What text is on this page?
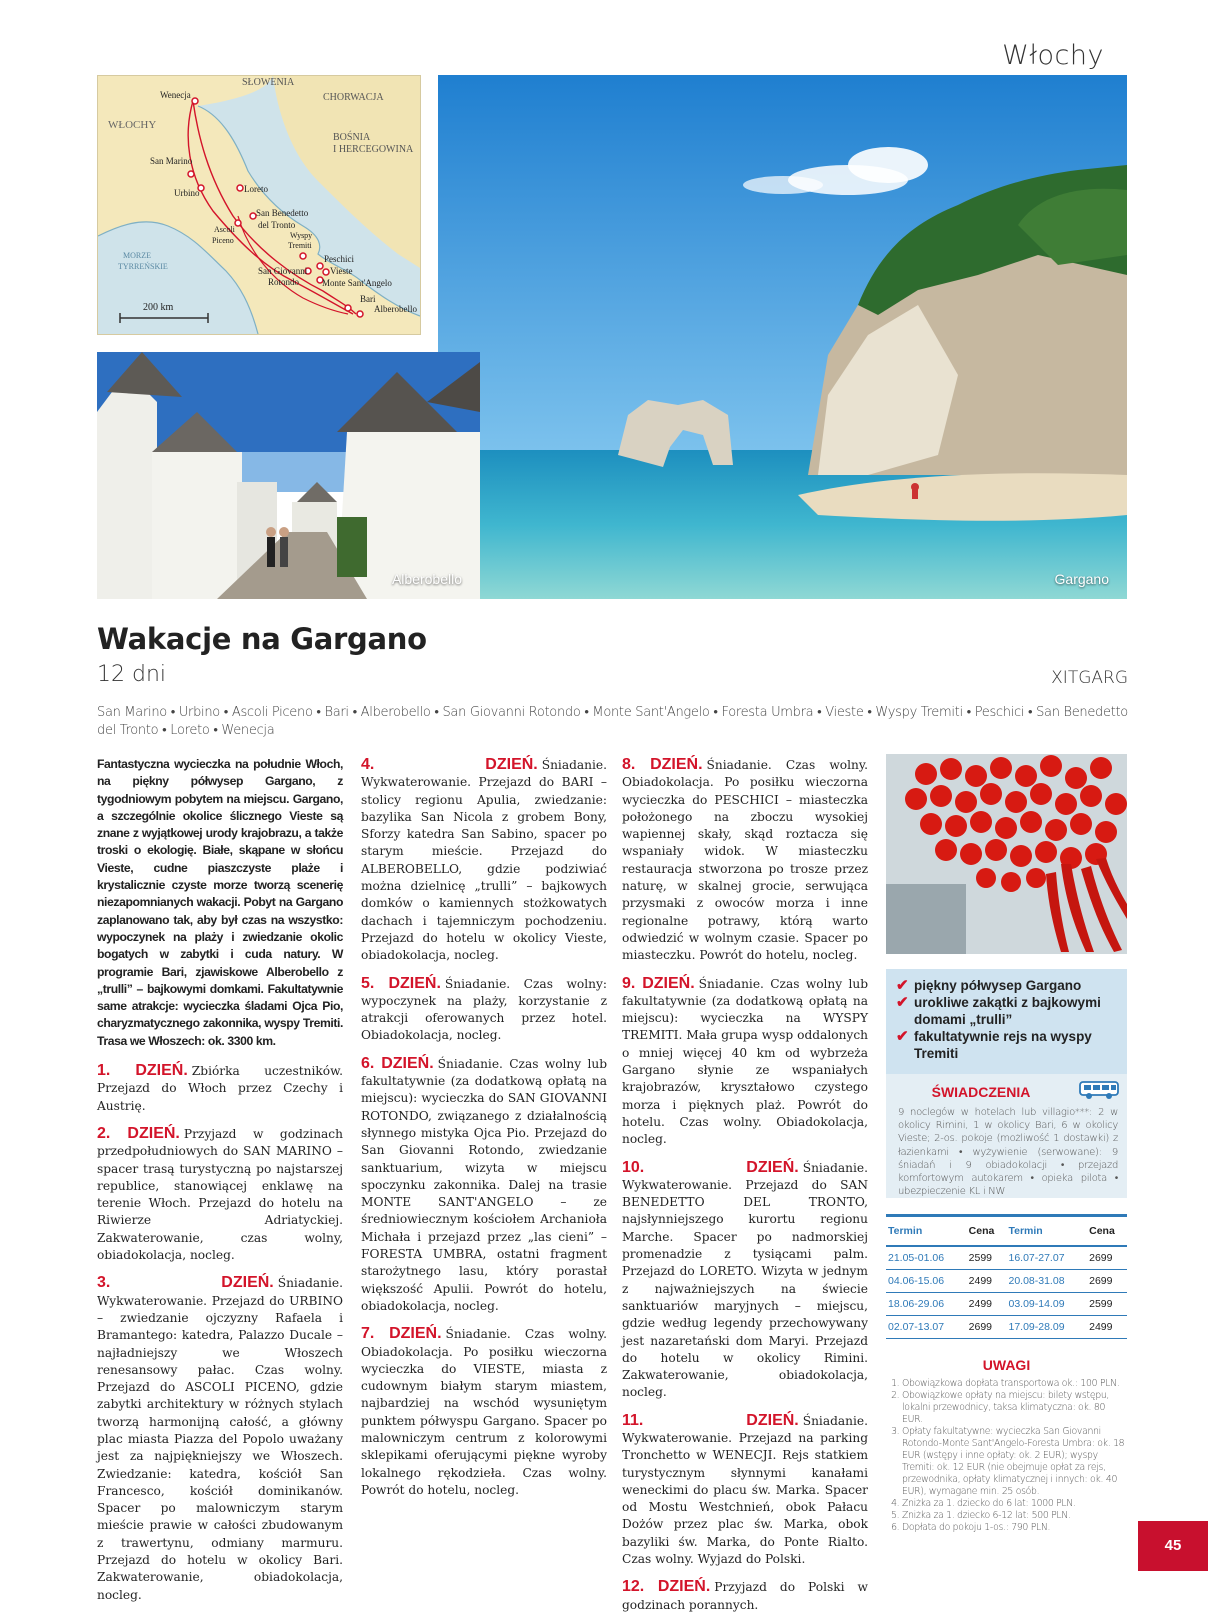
Włochy
SŁOWENIA
CHORWACJA
BOŚNIA
I HERCEGOWINA
WŁOCHY
MORZE
TYRREŃSKIE
200 km
Wenecja
San Marino
Urbino	Loreto
San Benedetto
del Tronto
Ascoli
Piceno
Wyspy
Tremiti
Peschici
Vieste
San Giovanni
Rotondo	Monte Sant'Angelo
Bari
Alberobello
Gargano
Alberobello
Wakacje na Gargano
12 dni	XITGARG
San Marino • Urbino • Ascoli Piceno • Bari • Alberobello • San Giovanni Rotondo • Monte Sant'Angelo • Foresta Umbra • Vieste • Wyspy Tremiti • Peschici • San Benedetto del Tronto • Loreto • Wenecja

Fantastyczna wycieczka na południe Włoch, na piękny półwysep Gargano, z tygodniowym pobytem na miejscu. Gargano, a szczególnie okolice ślicznego Vieste są znane z wyjątkowej urody krajobrazu, a także troski o ekologię. Białe, skąpane w słońcu Vieste, cudne piaszczyste plaże i krystalicznie czyste morze tworzą scenerię niezapomnianych wakacji. Pobyt na Gargano zaplanowano tak, aby był czas na wszystko: wypoczynek na plaży i zwiedzanie okolic bogatych w zabytki i cuda natury. W programie Bari, zjawiskowe Alberobello z „trulli” – bajkowymi domkami. Fakultatywnie same atrakcje: wycieczka śladami Ojca Pio, charyzmatycznego zakonnika, wyspy Tremiti. Trasa we Włoszech: ok. 3300 km.

1. DZIEŃ. Zbiórka uczestników. Przejazd do Włoch przez Czechy i Austrię.

2. DZIEŃ. Przyjazd w godzinach przedpołudniowych do SAN MARINO – spacer trasą turystyczną po najstarszej republice, stanowiącej enklawę na terenie Włoch. Przejazd do hotelu na Riwierze Adriatyckiej. Zakwaterowanie, czas wolny, obiadokolacja, nocleg.

3. DZIEŃ. Śniadanie. Wykwaterowanie. Przejazd do URBINO – zwiedzanie ojczyzny Rafaela i Bramantego: katedra, Palazzo Ducale – najładniejszy we Włoszech renesansowy pałac. Czas wolny. Przejazd do ASCOLI PICENO, gdzie zabytki architektury w różnych stylach tworzą harmonijną całość, a główny plac miasta Piazza del Popolo uważany jest za najpiękniejszy we Włoszech. Zwiedzanie: katedra, kościół San Francesco, kościół dominikanów. Spacer po malowniczym starym mieście prawie w całości zbudowanym z trawertynu, odmiany marmuru. Przejazd do hotelu w okolicy Bari. Zakwaterowanie, obiadokolacja, nocleg.

4. DZIEŃ. Śniadanie. Wykwaterowanie. Przejazd do BARI – stolicy regionu Apulia, zwiedzanie: bazylika San Nicola z grobem Bony, Sforzy katedra San Sabino, spacer po starym mieście. Przejazd do ALBEROBELLO, gdzie podziwiać można dzielnicę „trulli” – bajkowych domków o kamiennych stożkowatych dachach i tajemniczym pochodzeniu. Przejazd do hotelu w okolicy Vieste, obiadokolacja, nocleg.

5. DZIEŃ. Śniadanie. Czas wolny: wypoczynek na plaży, korzystanie z atrakcji oferowanych przez hotel. Obiadokolacja, nocleg.

6. DZIEŃ. Śniadanie. Czas wolny lub fakultatywnie (za dodatkową opłatą na miejscu): wycieczka do SAN GIOVANNI ROTONDO, związanego z działalnością słynnego mistyka Ojca Pio. Przejazd do San Giovanni Rotondo, zwiedzanie sanktuarium, wizyta w miejscu spoczynku zakonnika. Dalej na trasie MONTE SANT'ANGELO – ze średniowiecznym kościołem Archanioła Michała i przejazd przez „las cieni” – FORESTA UMBRA, ostatni fragment starożytnego lasu, który porastał większość Apulii. Powrót do hotelu, obiadokolacja, nocleg.

7. DZIEŃ. Śniadanie. Czas wolny. Obiadokolacja. Po posiłku wieczorna wycieczka do VIESTE, miasta z cudownym białym starym miastem, najbardziej na wschód wysuniętym punktem półwyspu Gargano. Spacer po malowniczym centrum z kolorowymi sklepikami oferującymi piękne wyroby lokalnego rękodzieła. Czas wolny. Powrót do hotelu, nocleg.

8. DZIEŃ. Śniadanie. Czas wolny. Obiadokolacja. Po posiłku wieczorna wycieczka do PESCHICI – miasteczka położonego na zboczu wysokiej wapiennej skały, skąd roztacza się wspaniały widok. W miasteczku restauracja stworzona po trosze przez naturę, w skalnej grocie, serwująca przysmaki z owoców morza i inne regionalne potrawy, którą warto odwiedzić w wolnym czasie. Spacer po miasteczku. Powrót do hotelu, nocleg.

9. DZIEŃ. Śniadanie. Czas wolny lub fakultatywnie (za dodatkową opłatą na miejscu): wycieczka na WYSPY TREMITI. Mała grupa wysp oddalonych o mniej więcej 40 km od wybrzeża Gargano słynie ze wspaniałych krajobrazów, kryształowo czystego morza i pięknych plaż. Powrót do hotelu. Czas wolny. Obiadokolacja, nocleg.

10. DZIEŃ. Śniadanie. Wykwaterowanie. Przejazd do SAN BENEDETTO DEL TRONTO, najsłynniejszego kurortu regionu Marche. Spacer po nadmorskiej promenadzie z tysiącami palm. Przejazd do LORETO. Wizyta w jednym z najważniejszych na świecie sanktuariów maryjnych – miejscu, gdzie według legendy przechowywany jest nazaretański dom Maryi. Przejazd do hotelu w okolicy Rimini. Zakwaterowanie, obiadokolacja, nocleg.

11. DZIEŃ. Śniadanie. Wykwaterowanie. Przejazd na parking Tronchetto w WENECJI. Rejs statkiem turystycznym słynnymi kanałami weneckimi do placu św. Marka. Spacer od Mostu Westchnień, obok Pałacu Dożów przez plac św. Marka, obok bazyliki św. Marka, do Ponte Rialto. Czas wolny. Wyjazd do Polski.

12. DZIEŃ. Przyjazd do Polski w godzinach porannych.

✔ piękny półwysep Gargano
✔ urokliwe zakątki z bajkowymi domami „trulli”
✔ fakultatywnie rejs na wyspy Tremiti
ŚWIADCZENIA
9 noclegów w hotelach lub villagio***: 2 w okolicy Rimini, 1 w okolicy Bari, 6 w okolicy Vieste; 2-os. pokoje (możliwość 1 dostawki) z łazienkami • wyżywienie (serwowane): 9 śniadań i 9 obiadokolacji • przejazd komfortowym autokarem • opieka pilota • ubezpieczenie KL i NW
Termin	Cena	Termin	Cena
21.05-01.06	2599	16.07-27.07	2699
04.06-15.06	2499	20.08-31.08	2699
18.06-29.06	2499	03.09-14.09	2599
02.07-13.07	2699	17.09-28.09	2499
UWAGI
1. Obowiązkowa dopłata transportowa ok.: 100 PLN.
2. Obowiązkowe opłaty na miejscu: bilety wstępu, lokalni przewodnicy, taksa klimatyczna: ok. 80 EUR.
3. Opłaty fakultatywne: wycieczka San Giovanni Rotondo-Monte Sant'Angelo-Foresta Umbra: ok. 18 EUR (wstępy i inne opłaty: ok. 2 EUR); wyspy Tremiti: ok. 12 EUR (nie obejmuje opłat za rejs, przewodnika, opłaty klimatycznej i innych: ok. 40 EUR), wymagane min. 25 osób.
4. Zniżka za 1. dziecko do 6 lat: 1000 PLN.
5. Zniżka za 1. dziecko 6-12 lat: 500 PLN.
6. Dopłata do pokoju 1-os.: 790 PLN.
45
